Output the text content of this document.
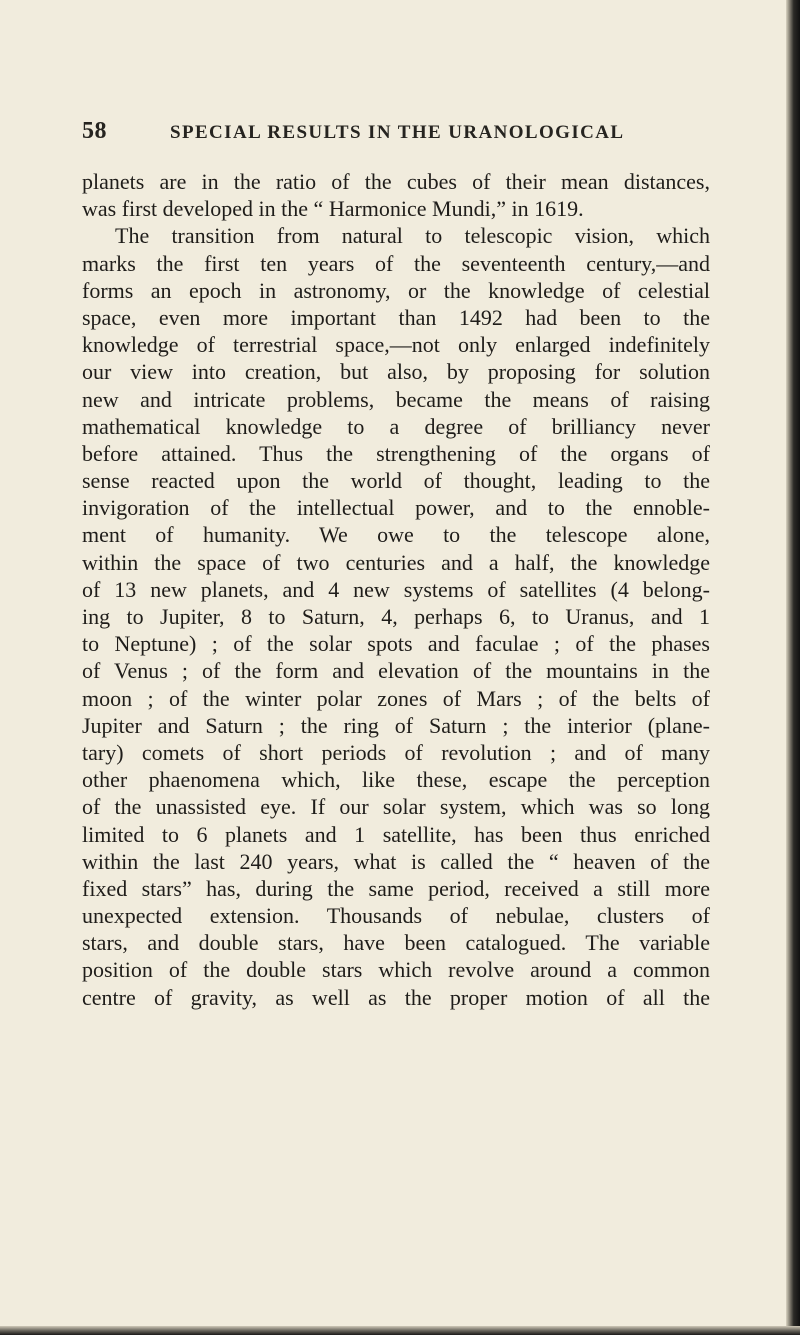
58	SPECIAL RESULTS IN THE URANOLOGICAL
planets are in the ratio of the cubes of their mean distances,
was first developed in the “ Harmonice Mundi,” in 1619.
The transition from natural to telescopic vision, which
marks the first ten years of the seventeenth century,—and
forms an epoch in astronomy, or the knowledge of celestial
space, even more important than 1492 had been to the
knowledge of terrestrial space,—not only enlarged indefinitely
our view into creation, but also, by proposing for solution
new and intricate problems, became the means of raising
mathematical knowledge to a degree of brilliancy never
before attained. Thus the strengthening of the organs of
sense reacted upon the world of thought, leading to the
invigoration of the intellectual power, and to the ennoble-
ment of humanity. We owe to the telescope alone,
within the space of two centuries and a half, the knowledge
of 13 new planets, and 4 new systems of satellites (4 belong-
ing to Jupiter, 8 to Saturn, 4, perhaps 6, to Uranus, and 1
to Neptune) ; of the solar spots and faculae ; of the phases
of Venus ; of the form and elevation of the mountains in the
moon ; of the winter polar zones of Mars ; of the belts of
Jupiter and Saturn ; the ring of Saturn ; the interior (plane-
tary) comets of short periods of revolution ; and of many
other phaenomena which, like these, escape the perception
of the unassisted eye. If our solar system, which was so long
limited to 6 planets and 1 satellite, has been thus enriched
within the last 240 years, what is called the “ heaven of the
fixed stars” has, during the same period, received a still more
unexpected extension. Thousands of nebulae, clusters of
stars, and double stars, have been catalogued. The variable
position of the double stars which revolve around a common
centre of gravity, as well as the proper motion of all the
